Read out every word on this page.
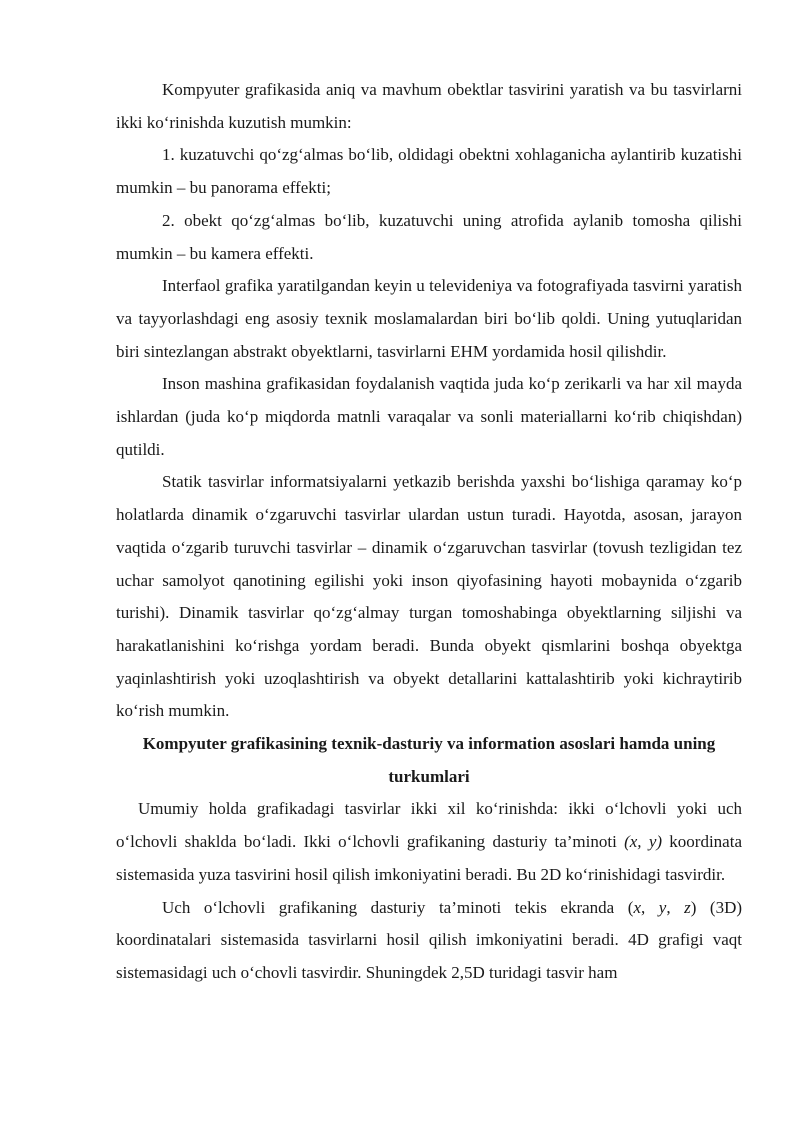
Kompyuter grafikasida aniq va mavhum obektlar tasvirini yaratish va bu tasvirlarni ikki ko‘rinishda kuzutish mumkin:

1. kuzatuvchi qo‘zg‘almas bo‘lib, oldidagi obektni xohlaganicha aylantirib kuzatishi mumkin – bu panorama effekti;

2. obekt qo‘zg‘almas bo‘lib, kuzatuvchi uning atrofida aylanib tomosha qilishi mumkin – bu kamera effekti.

Interfaol grafika yaratilgandan keyin u televideniya va fotografiyada tasvirni yaratish va tayyorlashdagi eng asosiy texnik moslamalardan biri bo‘lib qoldi. Uning yutuqlaridan biri sintezlangan abstrakt obyektlarni, tasvirlarni EHM yordamida hosil qilishdir.

Inson mashina grafikasidan foydalanish vaqtida juda ko‘p zerikarli va har xil mayda ishlardan (juda ko‘p miqdorda matnli varaqalar va sonli materiallarni ko‘rib chiqishdan) qutildi.

Statik tasvirlar informatsiyalarni yetkazib berishda yaxshi bo‘lishiga qaramay ko‘p holatlarda dinamik o‘zgaruvchi tasvirlar ulardan ustun turadi. Hayotda, asosan, jarayon vaqtida o‘zgarib turuvchi tasvirlar – dinamik o‘zgaruvchan tasvirlar (tovush tezligidan tez uchar samolyot qanotining egilishi yoki inson qiyofasining hayoti mobaynida o‘zgarib turishi). Dinamik tasvirlar qo‘zg‘almay turgan tomoshabinga obyektlarning siljishi va harakatlanishini ko‘rishga yordam beradi. Bunda obyekt qismlarini boshqa obyektga yaqinlashtirish yoki uzoqlashtirish va obyekt detallarini kattalashtirib yoki kichraytirib ko‘rish mumkin.

Kompyuter grafikasining texnik-dasturiy va information asoslari hamda uning turkumlari

Umumiy holda grafikadagi tasvirlar ikki xil ko‘rinishda: ikki o‘lchovli yoki uch o‘lchovli shaklda bo‘ladi. Ikki o‘lchovli grafikaning dasturiy ta’minoti (x, y) koordinata sistemasida yuza tasvirini hosil qilish imkoniyatini beradi. Bu 2D ko‘rinishidagi tasvirdir.

Uch o‘lchovli grafikaning dasturiy ta’minoti tekis ekranda (x, y, z) (3D) koordinatalari sistemasida tasvirlarni hosil qilish imkoniyatini beradi. 4D grafigi vaqt sistemasidagi uch o‘chovli tasvirdir. Shuningdek 2,5D turidagi tasvir ham
